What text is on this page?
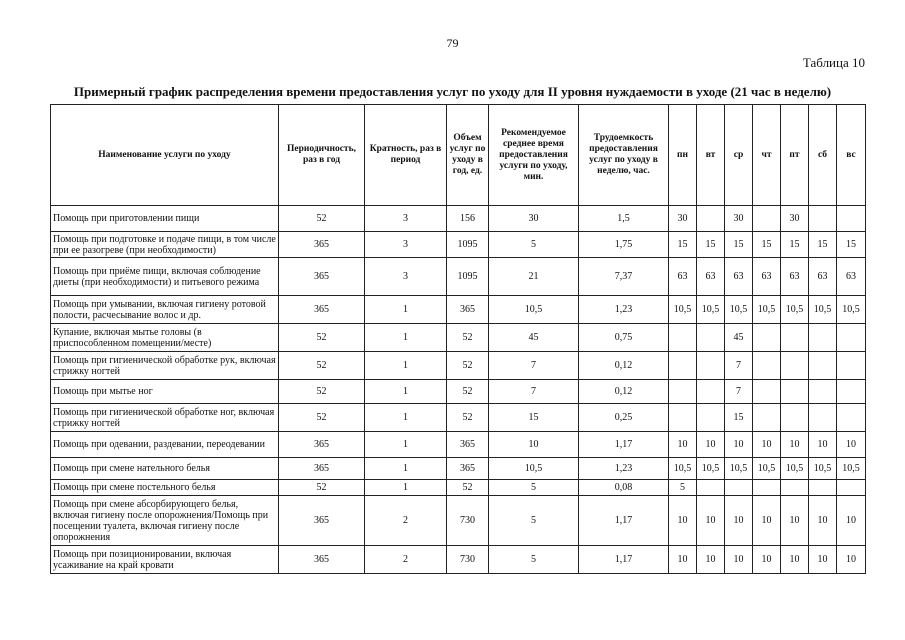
79
Таблица 10
Примерный график распределения времени предоставления услуг по уходу для II уровня нуждаемости в уходе (21 час в неделю)
Наименование услуги по уходу	Периодичность, раз в год	Кратность, раз в период	Объем услуг по уходу в год, ед.	Рекомендуемое среднее время предоставления услуги по уходу, мин.	Трудоемкость предоставления услуг по уходу в неделю, час.	пн	вт	ср	чт	пт	сб	вс
Помощь при приготовлении пищи	52	3	156	30	1,5	30		30		30		
Помощь при подготовке и подаче пищи, в том числе при ее разогреве (при необходимости)	365	3	1095	5	1,75	15	15	15	15	15	15	15
Помощь при приёме пищи, включая соблюдение диеты (при необходимости) и питьевого режима	365	3	1095	21	7,37	63	63	63	63	63	63	63
Помощь при умывании, включая гигиену ротовой полости, расчесывание волос и др.	365	1	365	10,5	1,23	10,5	10,5	10,5	10,5	10,5	10,5	10,5
Купание, включая мытье головы (в приспособленном помещении/месте)	52	1	52	45	0,75			45				
Помощь при гигиенической обработке рук, включая стрижку ногтей	52	1	52	7	0,12			7				
Помощь при мытье ног	52	1	52	7	0,12			7				
Помощь при гигиенической обработке ног, включая стрижку ногтей	52	1	52	15	0,25			15				
Помощь при одевании, раздевании, переодевании	365	1	365	10	1,17	10	10	10	10	10	10	10
Помощь при смене нательного белья	365	1	365	10,5	1,23	10,5	10,5	10,5	10,5	10,5	10,5	10,5
Помощь при смене постельного белья	52	1	52	5	0,08	5						
Помощь при смене абсорбирующего белья, включая гигиену после опорожнения/Помощь при посещении туалета, включая гигиену после опорожнения	365	2	730	5	1,17	10	10	10	10	10	10	10
Помощь при позиционировании, включая усаживание на край кровати	365	2	730	5	1,17	10	10	10	10	10	10	10
